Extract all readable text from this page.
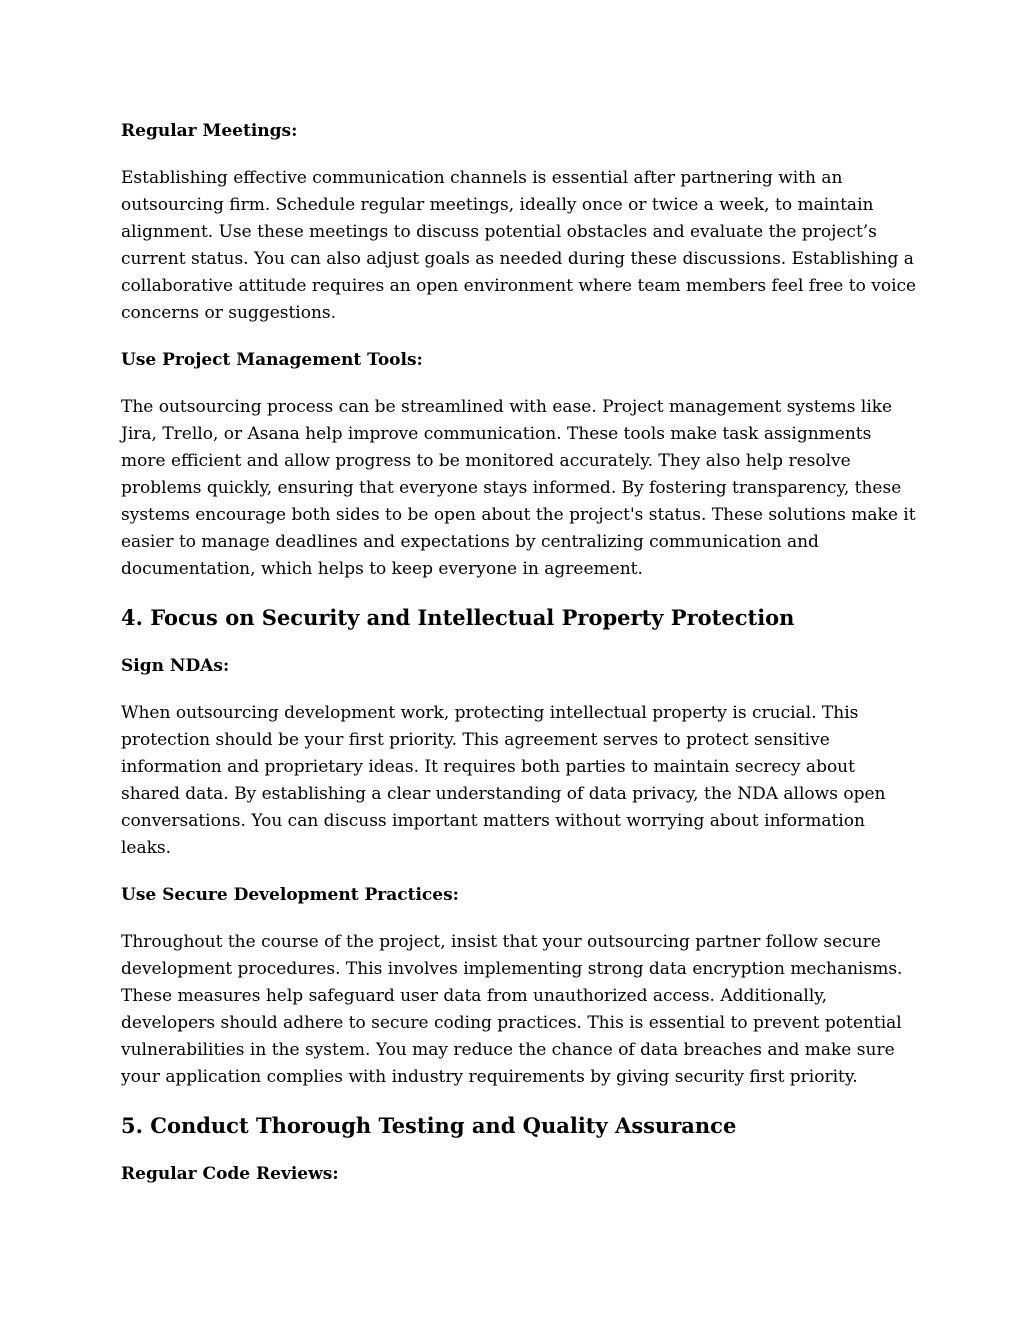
Regular Meetings:
Establishing effective communication channels is essential after partnering with an
outsourcing firm. Schedule regular meetings, ideally once or twice a week, to maintain
alignment. Use these meetings to discuss potential obstacles and evaluate the project’s
current status. You can also adjust goals as needed during these discussions. Establishing a
collaborative attitude requires an open environment where team members feel free to voice
concerns or suggestions.
Use Project Management Tools:
The outsourcing process can be streamlined with ease. Project management systems like
Jira, Trello, or Asana help improve communication. These tools make task assignments
more efficient and allow progress to be monitored accurately. They also help resolve
problems quickly, ensuring that everyone stays informed. By fostering transparency, these
systems encourage both sides to be open about the project's status. These solutions make it
easier to manage deadlines and expectations by centralizing communication and
documentation, which helps to keep everyone in agreement.
4. Focus on Security and Intellectual Property Protection
Sign NDAs:
When outsourcing development work, protecting intellectual property is crucial. This
protection should be your first priority. This agreement serves to protect sensitive
information and proprietary ideas. It requires both parties to maintain secrecy about
shared data. By establishing a clear understanding of data privacy, the NDA allows open
conversations. You can discuss important matters without worrying about information
leaks.
Use Secure Development Practices:
Throughout the course of the project, insist that your outsourcing partner follow secure
development procedures. This involves implementing strong data encryption mechanisms.
These measures help safeguard user data from unauthorized access. Additionally,
developers should adhere to secure coding practices. This is essential to prevent potential
vulnerabilities in the system. You may reduce the chance of data breaches and make sure
your application complies with industry requirements by giving security first priority.
5. Conduct Thorough Testing and Quality Assurance
Regular Code Reviews:
